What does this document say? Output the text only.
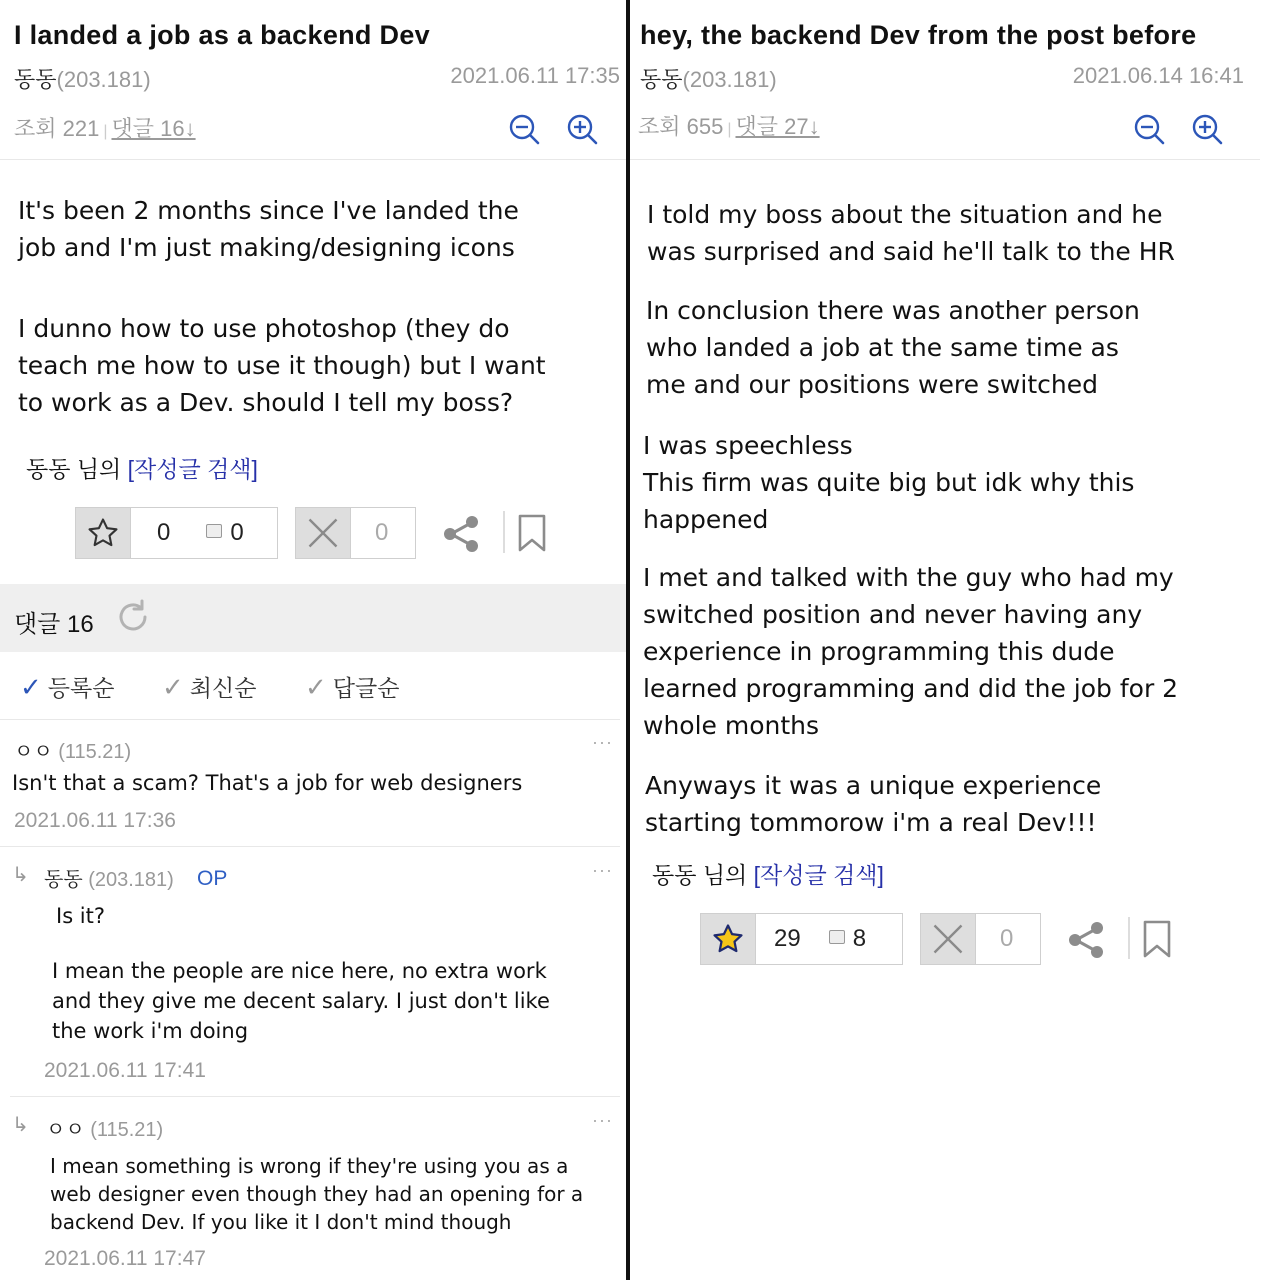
I landed a job as a backend Dev
동동(203.181)	2021.06.11 17:35
조회 221 | 댓글 16↓
It's been 2 months since I've landed the
job and I'm just making/designing icons
I dunno how to use photoshop (they do
teach me how to use it though) but I want
to work as a Dev. should I tell my boss?
동동 님의 [작성글 검색]
0	0	0
댓글 16
✓ 등록순 ✓ 최신순 ✓ 답글순
ㅇㅇ (115.21)	···
Isn't that a scam? That's a job for web designers
2021.06.11 17:36
↳ 동동 (203.181) OP	···
Is it?
I mean the people are nice here, no extra work
and they give me decent salary. I just don't like
the work i'm doing
2021.06.11 17:41
↳ ㅇㅇ (115.21)	···
I mean something is wrong if they're using you as a
web designer even though they had an opening for a
backend Dev. If you like it I don't mind though
2021.06.11 17:47
hey, the backend Dev from the post before
동동(203.181)	2021.06.14 16:41
조회 655 | 댓글 27↓
I told my boss about the situation and he
was surprised and said he'll talk to the HR
In conclusion there was another person
who landed a job at the same time as
me and our positions were switched
I was speechless
This firm was quite big but idk why this
happened
I met and talked with the guy who had my
switched position and never having any
experience in programming this dude
learned programming and did the job for 2
whole months
Anyways it was a unique experience
starting tommorow i'm a real Dev!!!
동동 님의 [작성글 검색]
29	8	0
